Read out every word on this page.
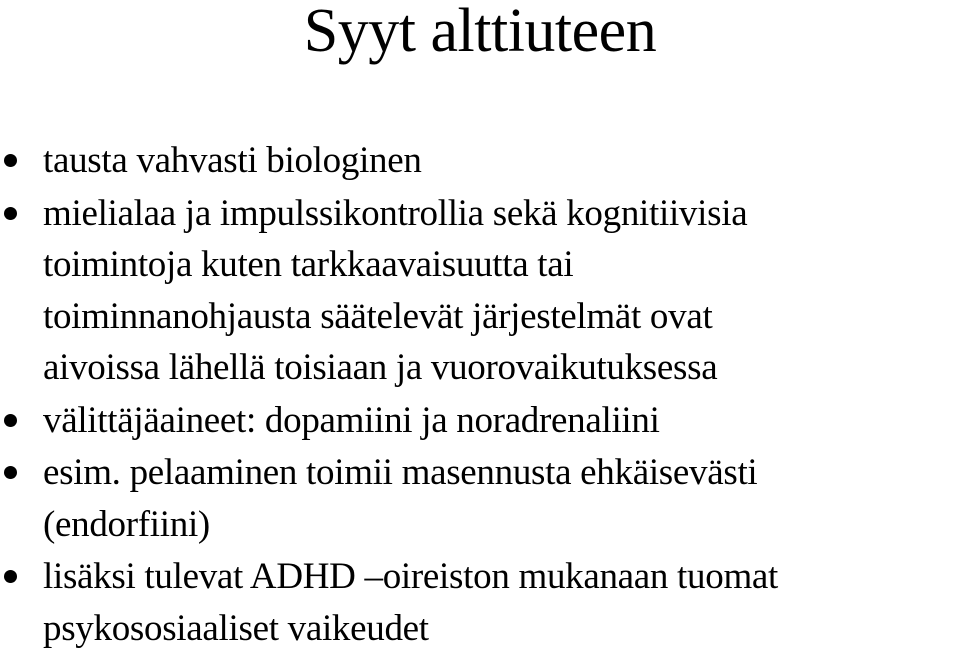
Syyt alttiuteen
tausta vahvasti biologinen
mielialaa ja impulssikontrollia sekä kognitiivisia
toimintoja kuten tarkkaavaisuutta tai
toiminnanohjausta säätelevät järjestelmät ovat
aivoissa lähellä toisiaan ja vuorovaikutuksessa
välittäjäaineet: dopamiini ja noradrenaliini
esim. pelaaminen toimii masennusta ehkäisevästi
(endorfiini)
lisäksi tulevat ADHD –oireiston mukanaan tuomat
psykososiaaliset vaikeudet
